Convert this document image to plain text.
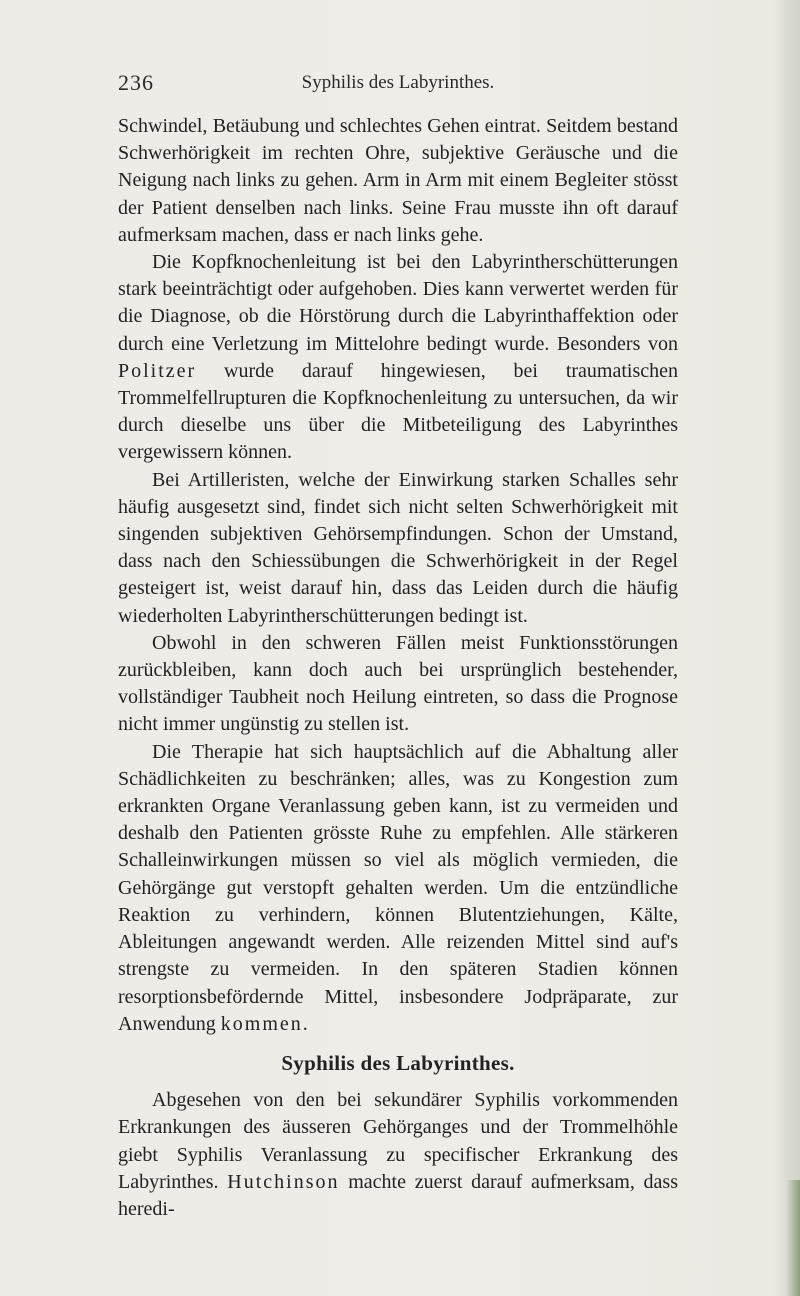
236	Syphilis des Labyrinthes.

Schwindel, Betäubung und schlechtes Gehen eintrat. Seitdem bestand Schwerhörigkeit im rechten Ohre, subjektive Geräusche und die Neigung nach links zu gehen. Arm in Arm mit einem Begleiter stösst der Patient denselben nach links. Seine Frau musste ihn oft darauf aufmerksam machen, dass er nach links gehe.

Die Kopfknochenleitung ist bei den Labyrintherschütterungen stark beeinträchtigt oder aufgehoben. Dies kann verwertet werden für die Diagnose, ob die Hörstörung durch die Labyrinthaffektion oder durch eine Verletzung im Mittelohre bedingt wurde. Besonders von Politzer wurde darauf hingewiesen, bei traumatischen Trommelfellrupturen die Kopfknochenleitung zu untersuchen, da wir durch dieselbe uns über die Mitbeteiligung des Labyrinthes vergewissern können.

Bei Artilleristen, welche der Einwirkung starken Schalles sehr häufig ausgesetzt sind, findet sich nicht selten Schwerhörigkeit mit singenden subjektiven Gehörsempfindungen. Schon der Umstand, dass nach den Schiessübungen die Schwerhörigkeit in der Regel gesteigert ist, weist darauf hin, dass das Leiden durch die häufig wiederholten Labyrintherschütterungen bedingt ist.

Obwohl in den schweren Fällen meist Funktionsstörungen zurückbleiben, kann doch auch bei ursprünglich bestehender, vollständiger Taubheit noch Heilung eintreten, so dass die Prognose nicht immer ungünstig zu stellen ist.

Die Therapie hat sich hauptsächlich auf die Abhaltung aller Schädlichkeiten zu beschränken; alles, was zu Kongestion zum erkrankten Organe Veranlassung geben kann, ist zu vermeiden und deshalb den Patienten grösste Ruhe zu empfehlen. Alle stärkeren Schalleinwirkungen müssen so viel als möglich vermieden, die Gehörgänge gut verstopft gehalten werden. Um die entzündliche Reaktion zu verhindern, können Blutentziehungen, Kälte, Ableitungen angewandt werden. Alle reizenden Mittel sind auf's strengste zu vermeiden. In den späteren Stadien können resorptionsbefördernde Mittel, insbesondere Jodpräparate, zur Anwendung kommen.

Syphilis des Labyrinthes.

Abgesehen von den bei sekundärer Syphilis vorkommenden Erkrankungen des äusseren Gehörganges und der Trommelhöhle giebt Syphilis Veranlassung zu specifischer Erkrankung des Labyrinthes. Hutchinson machte zuerst darauf aufmerksam, dass heredi-
